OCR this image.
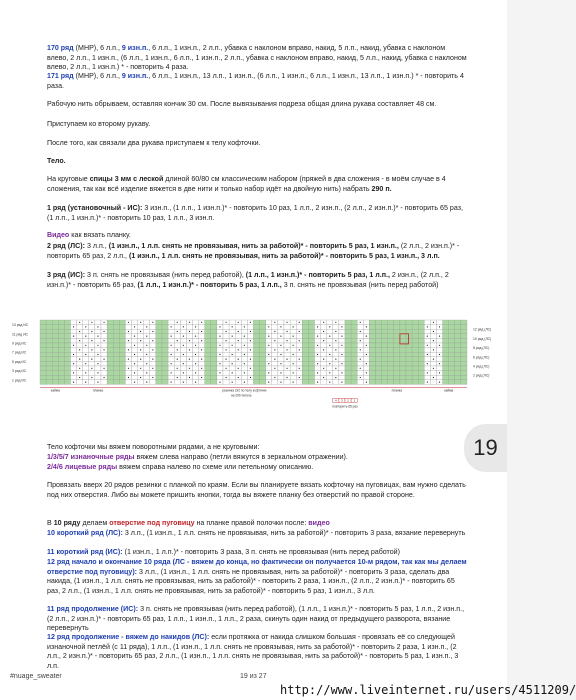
170 ряд (МНР), 6 л.п., 9 изн.п., 6 л.п., 1 изн.п., 2 л.п., убавка с наклоном вправо, накид, 5 л.п., накид, убавка с наклоном влево, 2 л.п., 1 изн.п., (6 л.п., 1 изн.п., 6 л.п., 1 изн.п., 2 л.п., убавка с наклоном вправо, накид, 5 л.п., накид, убавка с наклоном влево, 2 л.п., 1 изн.п.) * - повторить 4 раза.
171 ряд (МНР), 6 л.п., 9 изн.п., 6 л.п., 1 изн.п., 13 л.п., 1 изн.п., (6 л.п., 1 изн.п., 6 л.п., 1 изн.п., 13 л.п., 1 изн.п.) * - повторить 4 раза.
Рабочую нить обрываем, оставляя кончик 30 см. После вывязывания подреза общая длина рукава составляет 48 см.
Приступаем ко второму рукаву.
После того, как связали два рукава приступаем к телу кофточки.
Тело.
На круговые спицы 3 мм с леской длиной 60/80 см классическим набором (пряжей в два сложения - в моём случае в 4 сложения, так как всё изделие вяжется в две нити и только набор идёт на двойную нить) набрать 290 п.
1 ряд (установочный - ИС): 3 изн.п., (1 л.п., 1 изн.п.)* - повторить 10 раз, 1 л.п., 2 изн.п., (2 л.п., 2 изн.п.)* - повторить 65 раз, (1 л.п., 1 изн.п.)* - повторить 10 раз, 1 л.п., 3 изн.п.
Видео как вязать планку.
2 ряд (ЛС): 3 л.п., (1 изн.п., 1 л.п. снять не провязывая, нить за работой)* - повторить 5 раз, 1 изн.п., (2 л.п., 2 изн.п.)* - повторить 65 раз, 2 л.п., (1 изн.п., 1 л.п. снять не провязывая, нить за работой)* - повторить 5 раз, 1 изн.п., 3 л.п.
3 ряд (ИС): 3 п. снять не провязывая (нить перед работой), (1 л.п., 1 изн.п.)* - повторить 5 раз, 1 л.п., 2 изн.п., (2 л.п., 2 изн.п.)* - повторить 65 раз, (1 л.п., 1 изн.п.)* - повторить 5 раз, 1 л.п., 3 п. снять не провязывая (нить перед работой)
13 ряд ИС
11 ряд ИС
9 ряд ИС
7 ряд ИС
5 ряд ИС
3 ряд ИС
1 ряд ИС
12 ряд (ЛС)
10 ряд (ЛС)
8 ряд (ЛС)
6 ряд (ЛС)
4 ряд (ЛС)
2 ряд (ЛС)
кайма	планка	резинка 2х2 по телу кофточки	планка	кайма
на 290 петель
4 3 2 1
повторить 65 раз
19
Тело кофточки мы вяжем поворотными рядами, а не круговыми:
1/3/5/7 изнаночные ряды вяжем слева направо (петли вяжутся в зеркальном отражении).
2/4/6 лицевые ряды вяжем справа налево по схеме или петельному описанию.
Провязать вверх 20 рядов резинки с планкой по краям. Если вы планируете вязать кофточку на пуговицах, вам нужно сделать под них отверстия. Либо вы можете пришить кнопки, тогда вы вяжете планку без отверстий по правой стороне.
В 10 ряду делаем отверстие под пуговицу на планке правой полочки после: видео
10 короткий ряд (ЛС): 3 л.п., (1 изн.п., 1 л.п. снять не провязывая, нить за работой)* - повторить 3 раза, вязание перевернуть
11 короткий ряд (ИС): (1 изн.п., 1 л.п.)* - повторить 3 раза, 3 п. снять не провязывая (нить перед работой)
12 ряд начало и окончание 10 ряда (ЛС - вяжем до конца, но фактически он получается 10-м рядом, так как мы делаем отверстие под пуговицу): 3 л.п., (1 изн.п., 1 л.п. снять не провязывая, нить за работой)* - повторить 3 раза, сделать два накида, (1 изн.п., 1 л.п. снять не провязывая, нить за работой)* - повторить 2 раза, 1 изн.п., (2 л.п., 2 изн.п.)* - повторить 65 раз, 2 л.п., (1 изн.п., 1 л.п. снять не провязывая, нить за работой)* - повторить 5 раз, 1 изн.п., 3 л.п.
11 ряд продолжение (ИС): 3 п. снять не провязывая (нить перед работой), (1 л.п., 1 изн.п.)* - повторить 5 раз, 1 л.п., 2 изн.п., (2 л.п., 2 изн.п.)* - повторить 65 раз, 1 л.п., 1 изн.п., 1 л.п., 2 раза, скинуть один накид от предыдущего разворота, вязание перевернуть
12 ряд продолжение - вяжем до накидов (ЛС): если протяжка от накида слишком большая - провязать её со следующей изнаночной петлёй (с 11 ряда), 1 л.п., (1 изн.п., 1 л.п. снять не провязывая, нить за работой)* - повторить 2 раза, 1 изн.п., (2 л.п., 2 изн.п.)* - повторить 65 раз, 2 л.п., (1 изн.п., 1 л.п. снять не провязывая, нить за работой)* - повторить 5 раз, 1 изн.п., 3 л.п.
#nuage_sweater	19 из 27
http://www.liveinternet.ru/users/4511209/
